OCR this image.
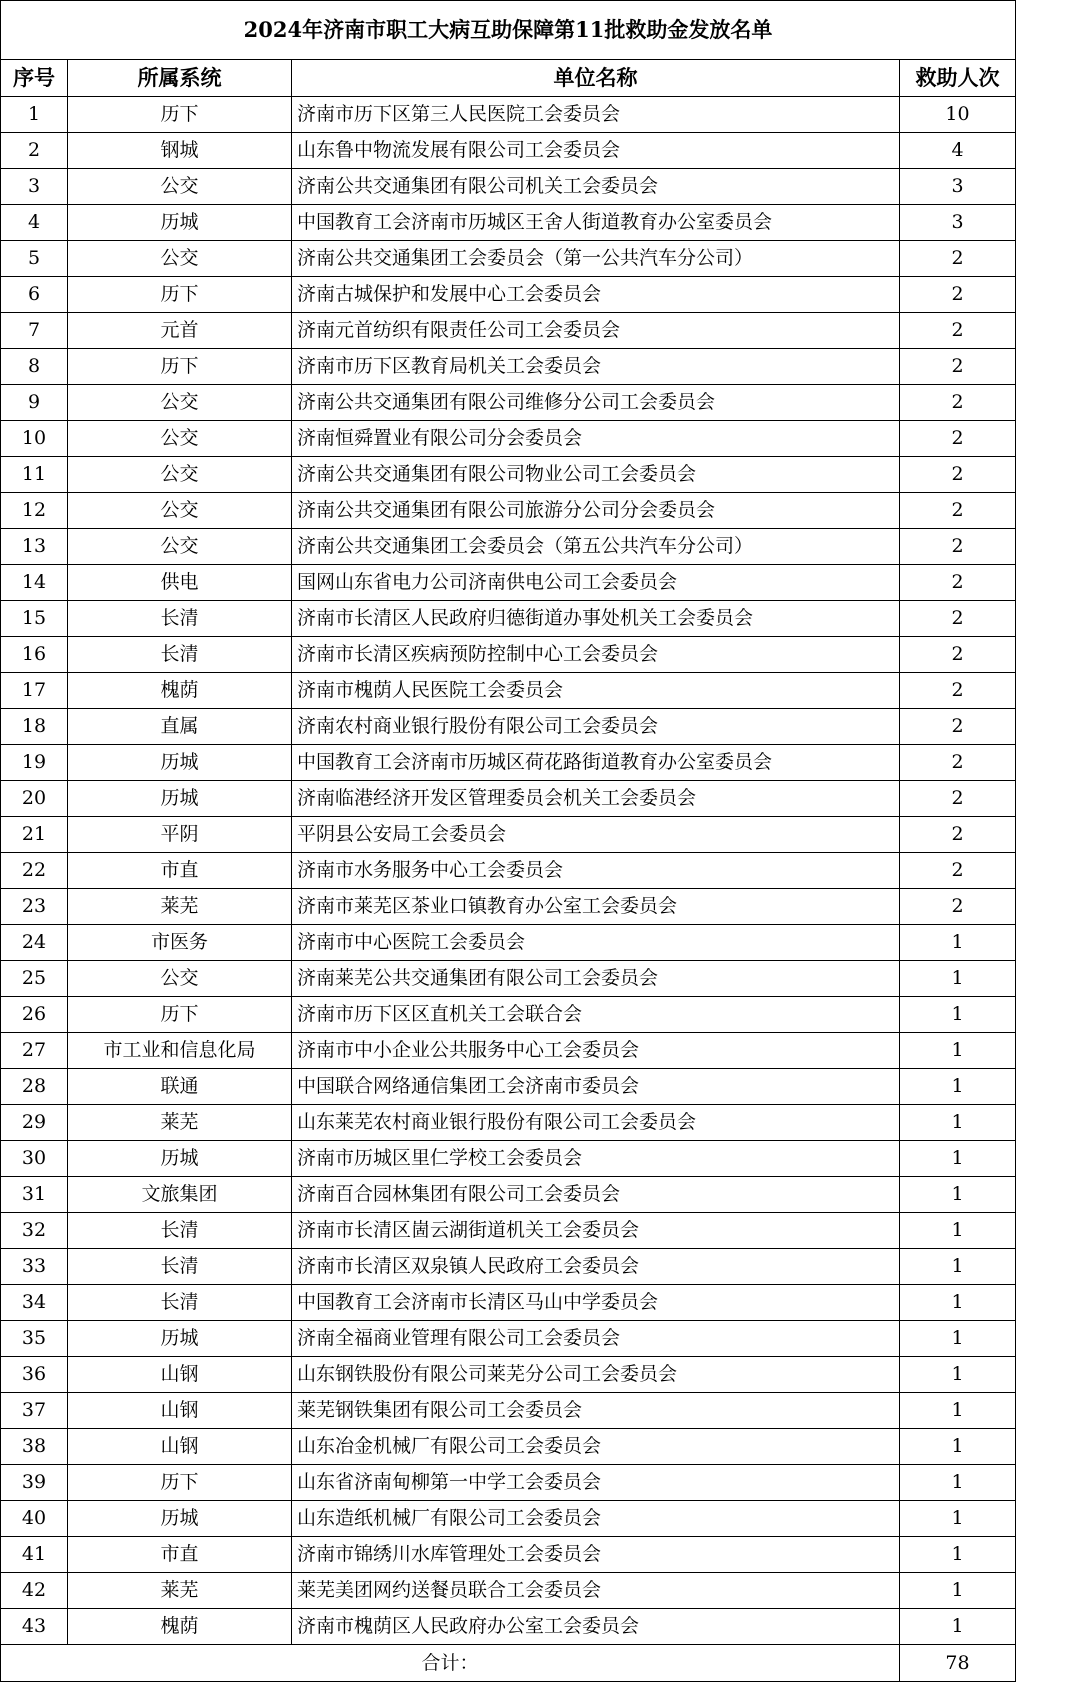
2024年济南市职工大病互助保障第11批救助金发放名单			
序号	所属系统	单位名称	救助人次
1	历下	济南市历下区第三人民医院工会委员会	10
2	钢城	山东鲁中物流发展有限公司工会委员会	4
3	公交	济南公共交通集团有限公司机关工会委员会	3
4	历城	中国教育工会济南市历城区王舍人街道教育办公室委员会	3
5	公交	济南公共交通集团工会委员会（第一公共汽车分公司）	2
6	历下	济南古城保护和发展中心工会委员会	2
7	元首	济南元首纺织有限责任公司工会委员会	2
8	历下	济南市历下区教育局机关工会委员会	2
9	公交	济南公共交通集团有限公司维修分公司工会委员会	2
10	公交	济南恒舜置业有限公司分会委员会	2
11	公交	济南公共交通集团有限公司物业公司工会委员会	2
12	公交	济南公共交通集团有限公司旅游分公司分会委员会	2
13	公交	济南公共交通集团工会委员会（第五公共汽车分公司）	2
14	供电	国网山东省电力公司济南供电公司工会委员会	2
15	长清	济南市长清区人民政府归德街道办事处机关工会委员会	2
16	长清	济南市长清区疾病预防控制中心工会委员会	2
17	槐荫	济南市槐荫人民医院工会委员会	2
18	直属	济南农村商业银行股份有限公司工会委员会	2
19	历城	中国教育工会济南市历城区荷花路街道教育办公室委员会	2
20	历城	济南临港经济开发区管理委员会机关工会委员会	2
21	平阴	平阴县公安局工会委员会	2
22	市直	济南市水务服务中心工会委员会	2
23	莱芜	济南市莱芜区茶业口镇教育办公室工会委员会	2
24	市医务	济南市中心医院工会委员会	1
25	公交	济南莱芜公共交通集团有限公司工会委员会	1
26	历下	济南市历下区区直机关工会联合会	1
27	市工业和信息化局	济南市中小企业公共服务中心工会委员会	1
28	联通	中国联合网络通信集团工会济南市委员会	1
29	莱芜	山东莱芜农村商业银行股份有限公司工会委员会	1
30	历城	济南市历城区里仁学校工会委员会	1
31	文旅集团	济南百合园林集团有限公司工会委员会	1
32	长清	济南市长清区崮云湖街道机关工会委员会	1
33	长清	济南市长清区双泉镇人民政府工会委员会	1
34	长清	中国教育工会济南市长清区马山中学委员会	1
35	历城	济南全福商业管理有限公司工会委员会	1
36	山钢	山东钢铁股份有限公司莱芜分公司工会委员会	1
37	山钢	莱芜钢铁集团有限公司工会委员会	1
38	山钢	山东冶金机械厂有限公司工会委员会	1
39	历下	山东省济南甸柳第一中学工会委员会	1
40	历城	山东造纸机械厂有限公司工会委员会	1
41	市直	济南市锦绣川水库管理处工会委员会	1
42	莱芜	莱芜美团网约送餐员联合工会委员会	1
43	槐荫	济南市槐荫区人民政府办公室工会委员会	1
合计：			78
